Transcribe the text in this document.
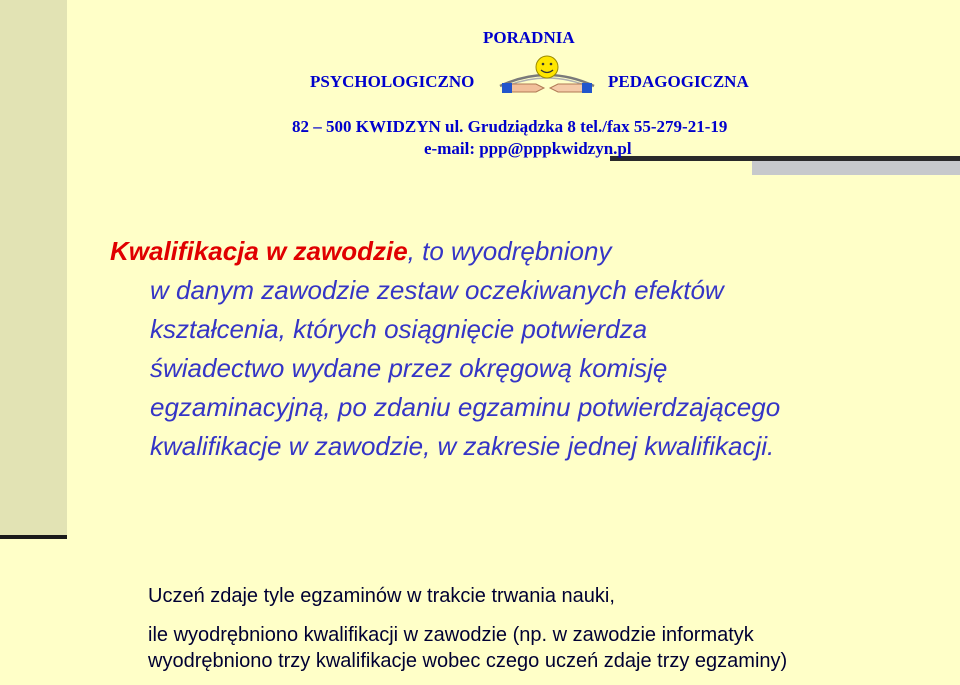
PORADNIA
PSYCHOLOGICZNO	PEDAGOGICZNA
82 – 500 KWIDZYN ul. Grudziądzka 8 tel./fax 55-279-21-19
e-mail: ppp@pppkwidzyn.pl
Kwalifikacja w zawodzie, to wyodrębniony
w danym zawodzie zestaw oczekiwanych efektów
kształcenia, których osiągnięcie potwierdza
świadectwo wydane przez okręgową komisję
egzaminacyjną, po zdaniu egzaminu potwierdzającego
kwalifikacje w zawodzie, w zakresie jednej kwalifikacji.
Uczeń zdaje tyle egzaminów w trakcie trwania nauki,
ile wyodrębniono kwalifikacji w zawodzie (np. w zawodzie informatyk
wyodrębniono trzy kwalifikacje wobec czego uczeń zdaje trzy egzaminy)
